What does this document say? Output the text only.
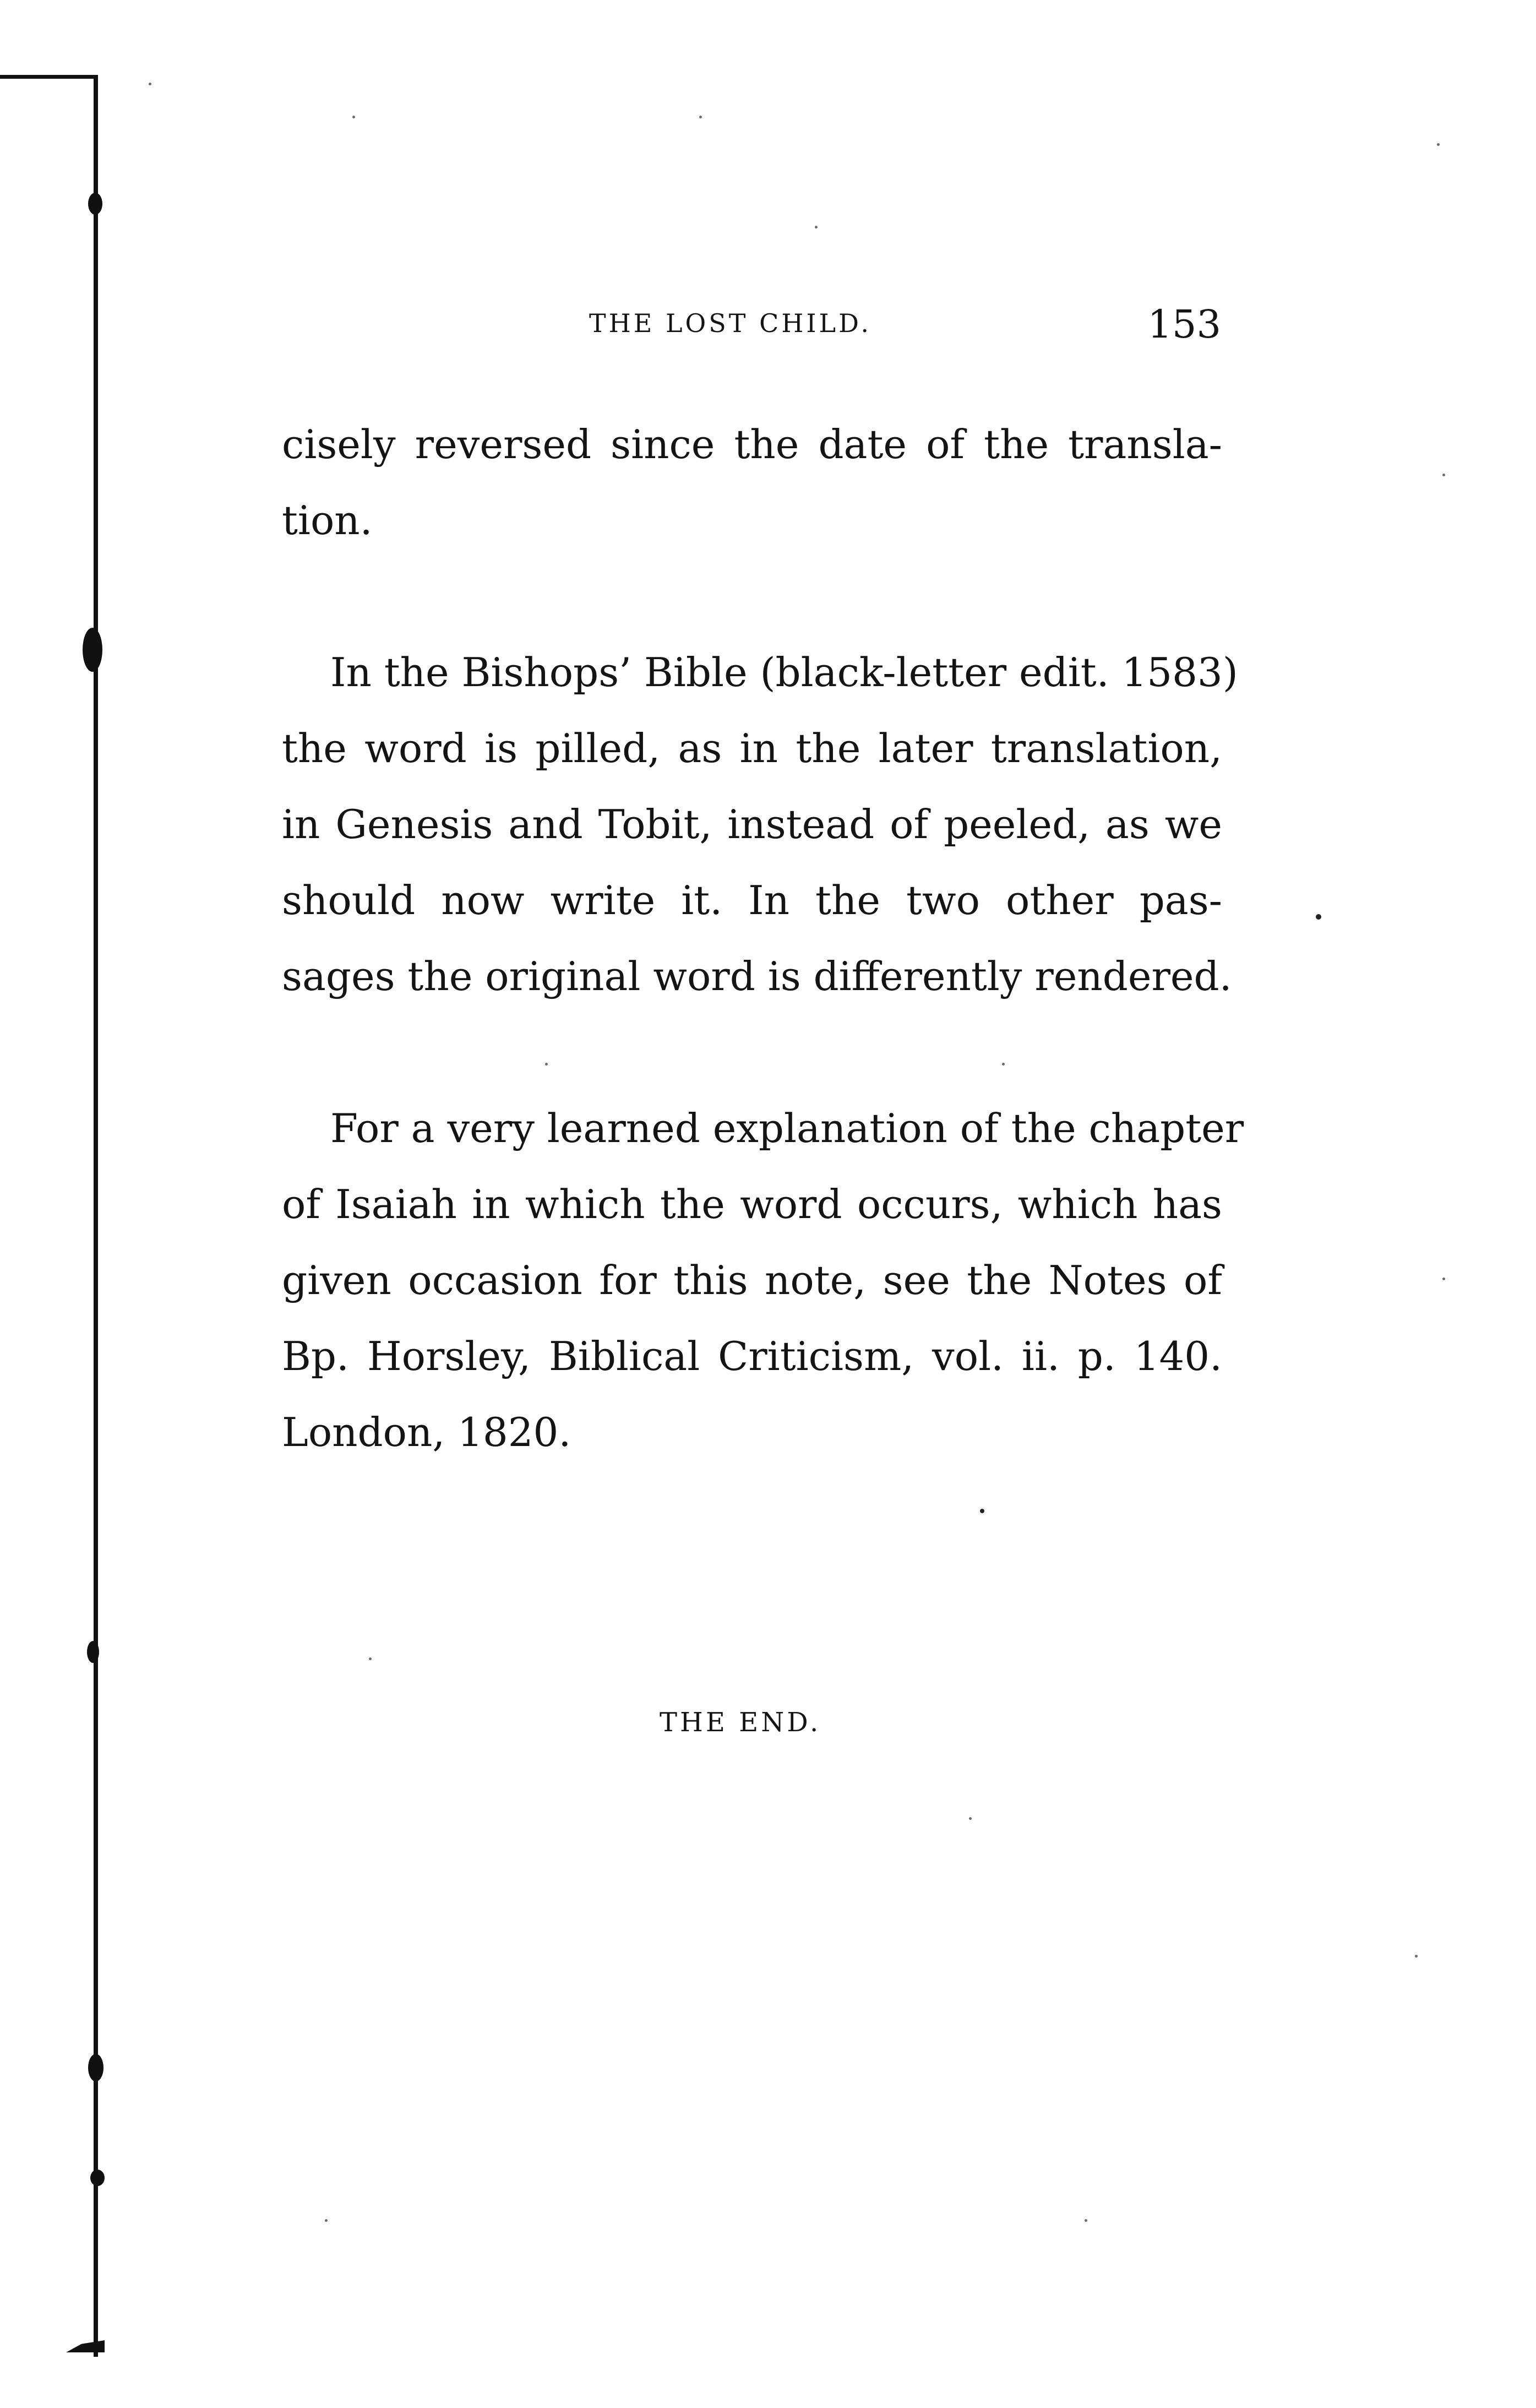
THE LOST CHILD.	153
cisely reversed since the date of the transla-
tion.
In the Bishops’ Bible (black-letter edit. 1583)
the word is pilled, as in the later translation,
in Genesis and Tobit, instead of peeled, as we
should now write it. In the two other pas-
sages the original word is differently rendered.
For a very learned explanation of the chapter
of Isaiah in which the word occurs, which has
given occasion for this note, see the Notes of
Bp. Horsley, Biblical Criticism, vol. ii. p. 140.
London, 1820.
THE END.
